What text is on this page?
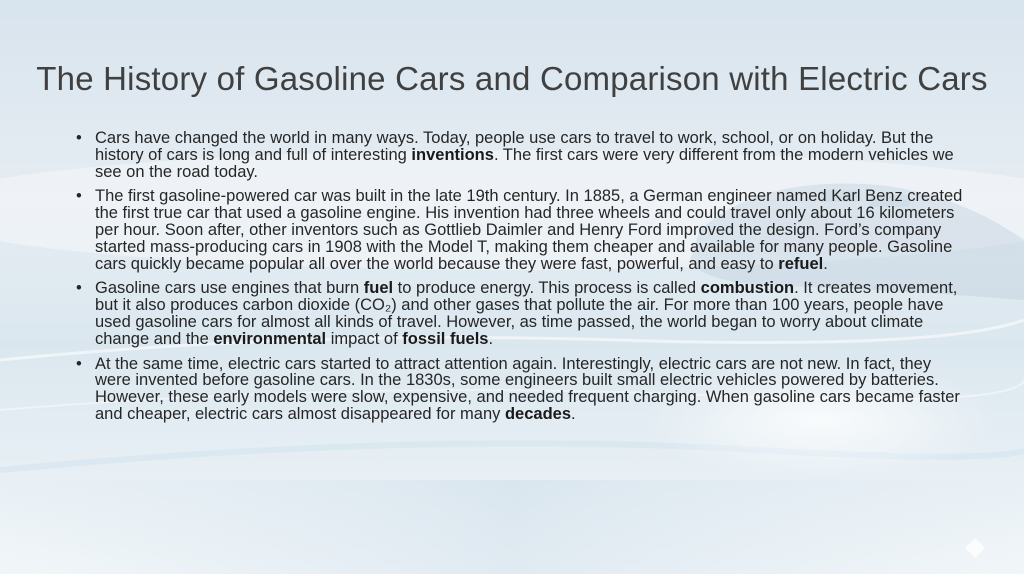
The History of Gasoline Cars and Comparison with Electric Cars
• Cars have changed the world in many ways. Today, people use cars to travel to work, school, or on holiday. But the history of cars is long and full of interesting inventions. The first cars were very different from the modern vehicles we see on the road today.
• The first gasoline-powered car was built in the late 19th century. In 1885, a German engineer named Karl Benz created the first true car that used a gasoline engine. His invention had three wheels and could travel only about 16 kilometers per hour. Soon after, other inventors such as Gottlieb Daimler and Henry Ford improved the design. Ford’s company started mass-producing cars in 1908 with the Model T, making them cheaper and available for many people. Gasoline cars quickly became popular all over the world because they were fast, powerful, and easy to refuel.
• Gasoline cars use engines that burn fuel to produce energy. This process is called combustion. It creates movement, but it also produces carbon dioxide (CO₂) and other gases that pollute the air. For more than 100 years, people have used gasoline cars for almost all kinds of travel. However, as time passed, the world began to worry about climate change and the environmental impact of fossil fuels.
• At the same time, electric cars started to attract attention again. Interestingly, electric cars are not new. In fact, they were invented before gasoline cars. In the 1830s, some engineers built small electric vehicles powered by batteries. However, these early models were slow, expensive, and needed frequent charging. When gasoline cars became faster and cheaper, electric cars almost disappeared for many decades.
